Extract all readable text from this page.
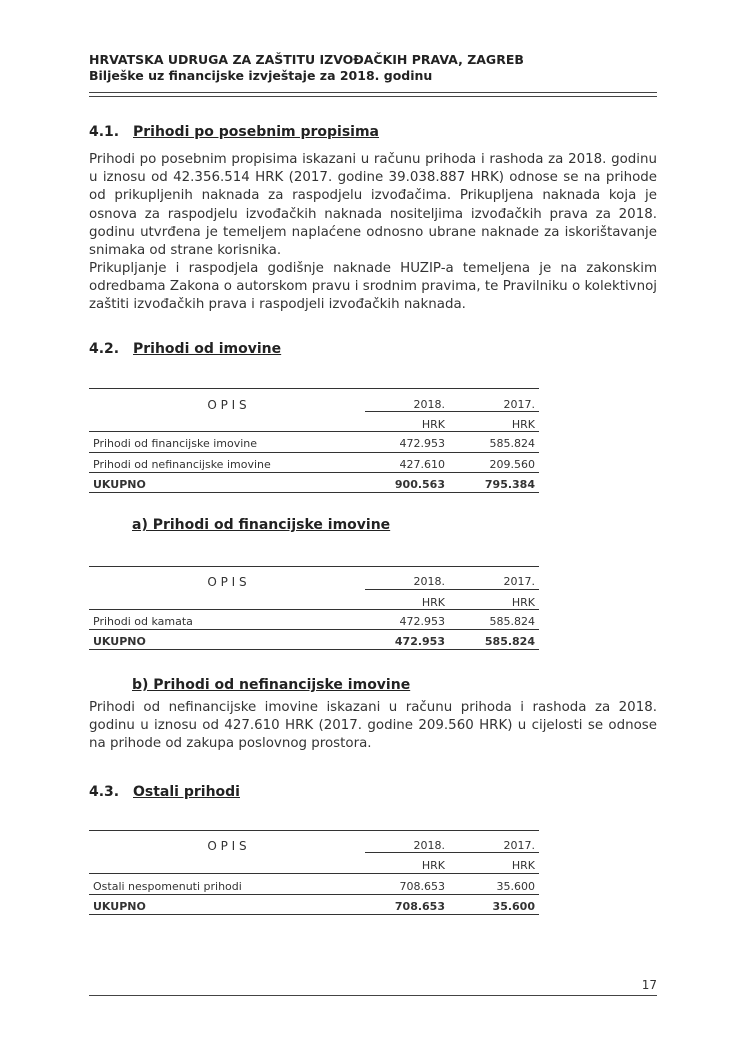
HRVATSKA UDRUGA ZA ZAŠTITU IZVOĐAČKIH PRAVA, ZAGREB
Bilješke uz financijske izvještaje za 2018. godinu
4.1. Prihodi po posebnim propisima
Prihodi po posebnim propisima iskazani u računu prihoda i rashoda za 2018. godinu u iznosu od 42.356.514 HRK (2017. godine 39.038.887 HRK) odnose se na prihode od prikupljenih naknada za raspodjelu izvođačima. Prikupljena naknada koja je osnova za raspodjelu izvođačkih naknada nositeljima izvođačkih prava za 2018. godinu utvrđena je temeljem naplaćene odnosno ubrane naknade za iskorištavanje snimaka od strane korisnika.
Prikupljanje i raspodjela godišnje naknade HUZIP-a temeljena je na zakonskim odredbama Zakona o autorskom pravu i srodnim pravima, te Pravilniku o kolektivnoj zaštiti izvođačkih prava i raspodjeli izvođačkih naknada.
4.2. Prihodi od imovine
O P I S	2018.	2017.
HRK	HRK
Prihodi od financijske imovine	472.953	585.824
Prihodi od nefinancijske imovine	427.610	209.560
UKUPNO	900.563	795.384
a) Prihodi od financijske imovine
O P I S	2018.	2017.
HRK	HRK
Prihodi od kamata	472.953	585.824
UKUPNO	472.953	585.824
b) Prihodi od nefinancijske imovine
Prihodi od nefinancijske imovine iskazani u računu prihoda i rashoda za 2018. godinu u iznosu od 427.610 HRK (2017. godine 209.560 HRK) u cijelosti se odnose na prihode od zakupa poslovnog prostora.
4.3. Ostali prihodi
O P I S	2018.	2017.
HRK	HRK
Ostali nespomenuti prihodi	708.653	35.600
UKUPNO	708.653	35.600
17
